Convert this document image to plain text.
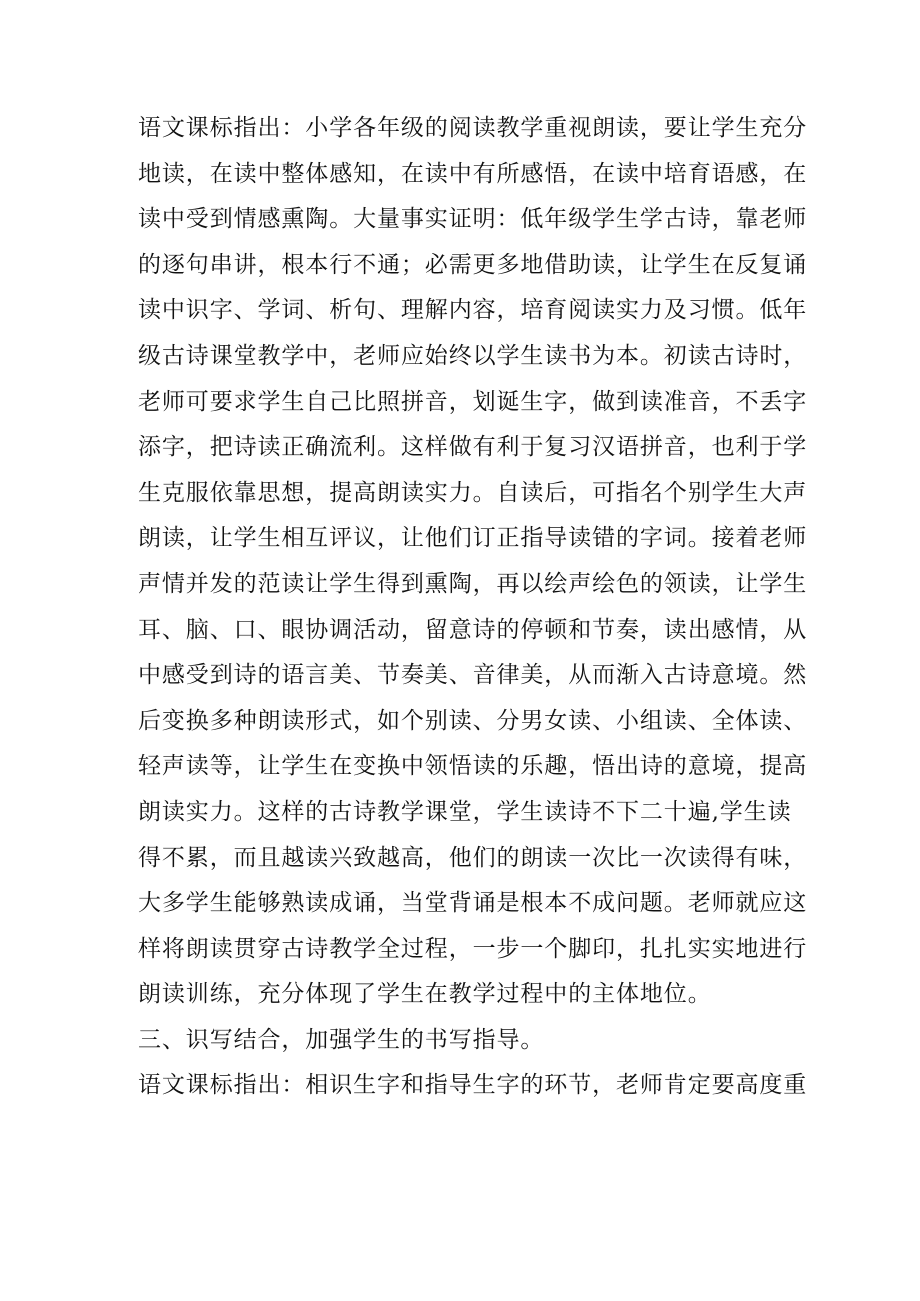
语文课标指出：小学各年级的阅读教学重视朗读，要让学生充分
地读，在读中整体感知，在读中有所感悟，在读中培育语感，在
读中受到情感熏陶。大量事实证明：低年级学生学古诗，靠老师
的逐句串讲，根本行不通；必需更多地借助读，让学生在反复诵
读中识字、学词、析句、理解内容，培育阅读实力及习惯。低年
级古诗课堂教学中，老师应始终以学生读书为本。初读古诗时，
老师可要求学生自己比照拼音，划诞生字，做到读准音，不丢字
添字，把诗读正确流利。这样做有利于复习汉语拼音，也利于学
生克服依靠思想，提高朗读实力。自读后，可指名个别学生大声
朗读，让学生相互评议，让他们订正指导读错的字词。接着老师
声情并发的范读让学生得到熏陶，再以绘声绘色的领读，让学生
耳、脑、口、眼协调活动，留意诗的停顿和节奏，读出感情，从
中感受到诗的语言美、节奏美、音律美，从而渐入古诗意境。然
后变换多种朗读形式，如个别读、分男女读、小组读、全体读、
轻声读等，让学生在变换中领悟读的乐趣，悟出诗的意境，提高
朗读实力。这样的古诗教学课堂，学生读诗不下二十遍,学生读
得不累，而且越读兴致越高，他们的朗读一次比一次读得有味，
大多学生能够熟读成诵，当堂背诵是根本不成问题。老师就应这
样将朗读贯穿古诗教学全过程，一步一个脚印，扎扎实实地进行
朗读训练，充分体现了学生在教学过程中的主体地位。
三、识写结合，加强学生的书写指导。
语文课标指出：相识生字和指导生字的环节，老师肯定要高度重
